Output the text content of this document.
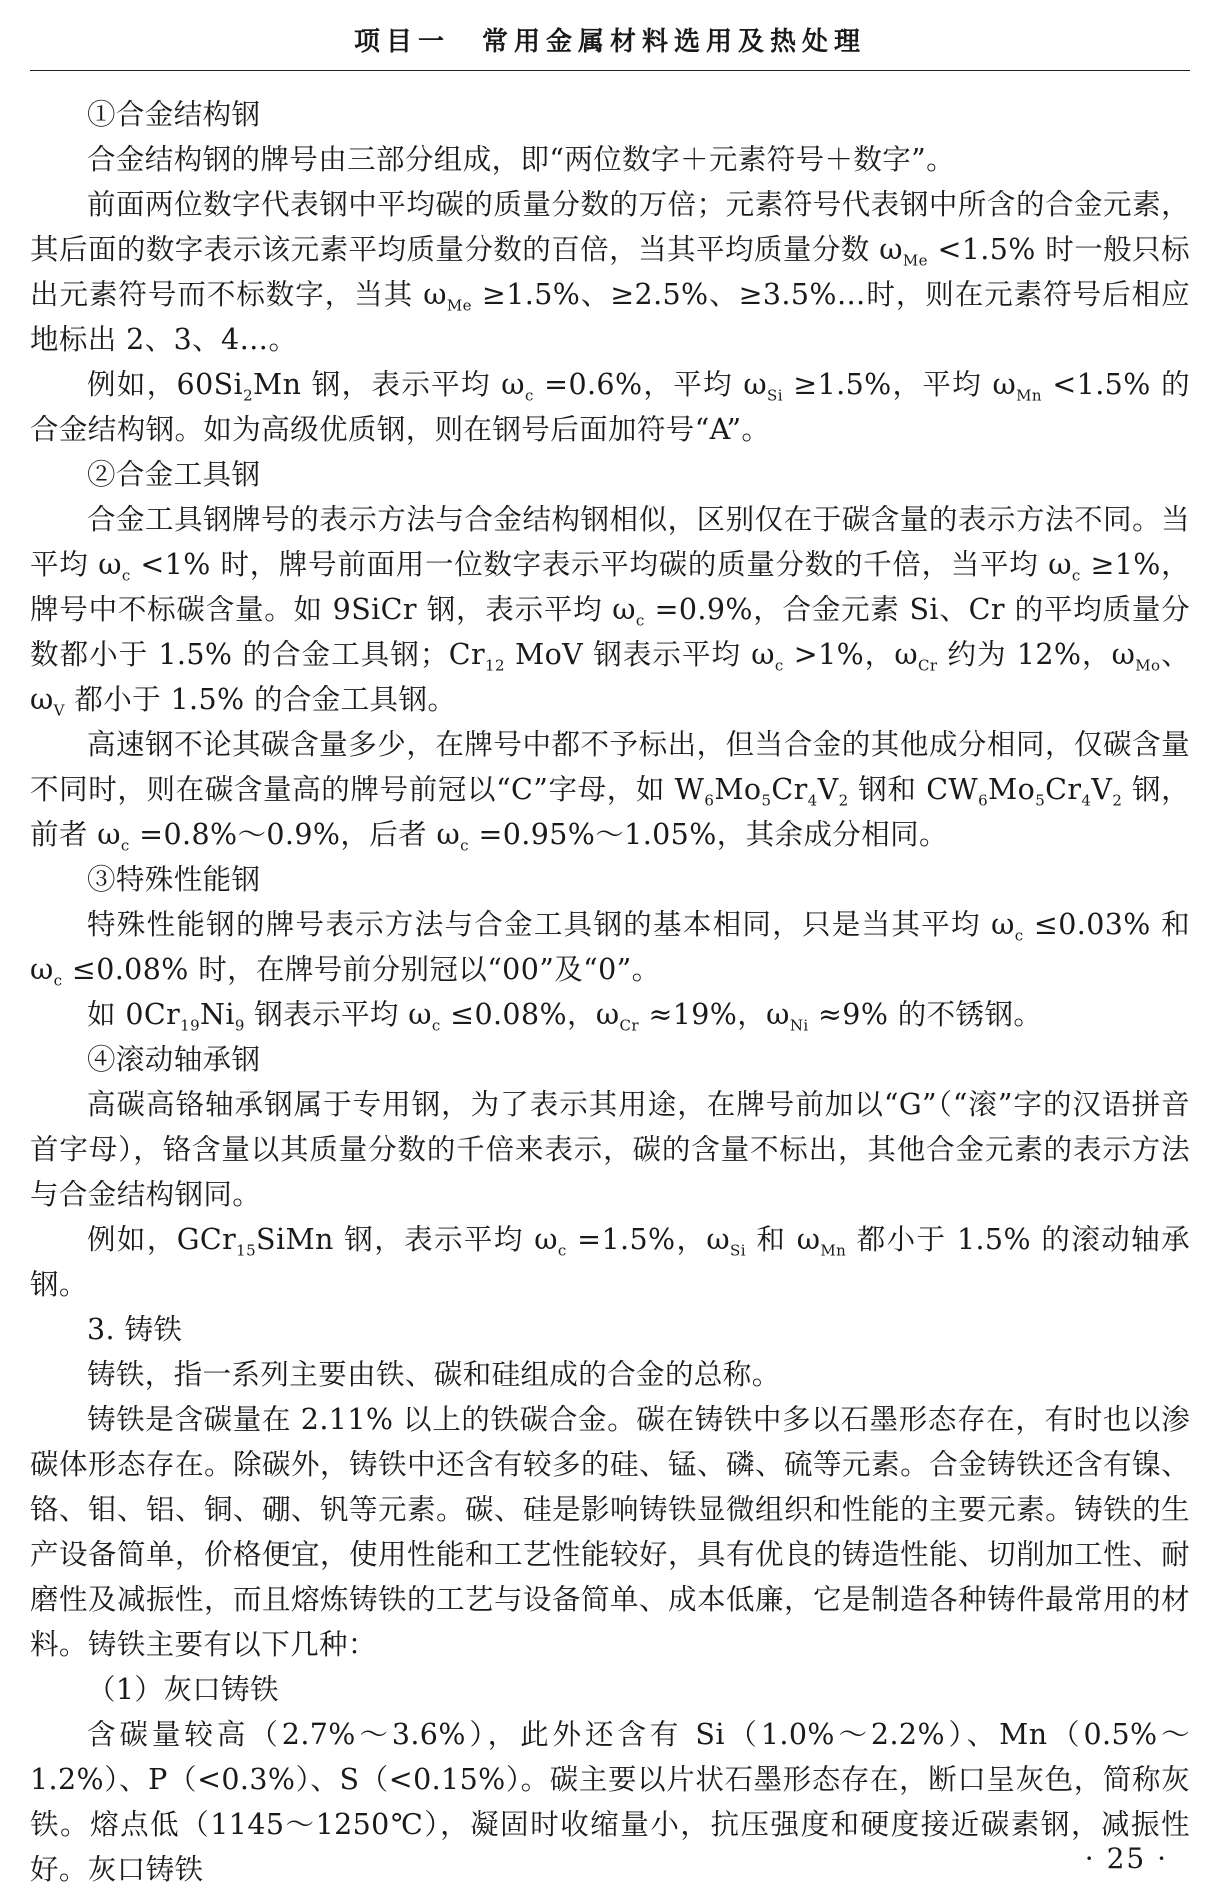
项目一　常用金属材料选用及热处理

①合金结构钢

合金结构钢的牌号由三部分组成，即“两位数字＋元素符号＋数字”。

前面两位数字代表钢中平均碳的质量分数的万倍；元素符号代表钢中所含的合金元素，其后面的数字表示该元素平均质量分数的百倍，当其平均质量分数 $\omega_{Me} <1.5\%$ 时一般只标出元素符号而不标数字，当其 $\omega_{Me} \ge 1.5\%$、≥2.5%、≥3.5%…时，则在元素符号后相应地标出 2、3、4…。

例如，$60Si_2Mn$ 钢，表示平均 $\omega_c =0.6\%$，平均 $\omega_{Si} \ge 1.5\%$，平均 $\omega_{Mn} <1.5\%$ 的合金结构钢。如为高级优质钢，则在钢号后面加符号“A”。

②合金工具钢

合金工具钢牌号的表示方法与合金结构钢相似，区别仅在于碳含量的表示方法不同。当平均 $\omega_c <1\%$ 时，牌号前面用一位数字表示平均碳的质量分数的千倍，当平均 $\omega_c \ge 1\%$，牌号中不标碳含量。如 9SiCr 钢，表示平均 $\omega_c =0.9\%$，合金元素 Si、Cr 的平均质量分数都小于 1.5% 的合金工具钢；$Cr_{12}$ MoV 钢表示平均 $\omega_c >1\%$，$\omega_{Cr}$ 约为 12%，$\omega_{Mo}$、$\omega_V$ 都小于 1.5% 的合金工具钢。

高速钢不论其碳含量多少，在牌号中都不予标出，但当合金的其他成分相同，仅碳含量不同时，则在碳含量高的牌号前冠以“C”字母，如 $W_6Mo_5Cr_4V_2$ 钢和 $CW_6Mo_5Cr_4V_2$ 钢，前者 $\omega_c$ =0.8%～0.9%，后者 $\omega_c$ =0.95%～1.05%，其余成分相同。

③特殊性能钢

特殊性能钢的牌号表示方法与合金工具钢的基本相同，只是当其平均 $\omega_c \le 0.03\%$ 和 $\omega_c \le 0.08\%$ 时，在牌号前分别冠以“00”及“0”。

如 $0Cr_{19}Ni_9$ 钢表示平均 $\omega_c \le 0.08\%$，$\omega_{Cr} \approx 19\%$，$\omega_{Ni} \approx 9\%$ 的不锈钢。

④滚动轴承钢

高碳高铬轴承钢属于专用钢，为了表示其用途，在牌号前加以“G”（“滚”字的汉语拼音首字母），铬含量以其质量分数的千倍来表示，碳的含量不标出，其他合金元素的表示方法与合金结构钢同。

例如，GCr$_{15}$SiMn 钢，表示平均 $\omega_c =1.5\%$，$\omega_{Si}$ 和 $\omega_{Mn}$ 都小于 1.5% 的滚动轴承钢。

3. 铸铁

铸铁，指一系列主要由铁、碳和硅组成的合金的总称。

铸铁是含碳量在 2.11% 以上的铁碳合金。碳在铸铁中多以石墨形态存在，有时也以渗碳体形态存在。除碳外，铸铁中还含有较多的硅、锰、磷、硫等元素。合金铸铁还含有镍、铬、钼、铝、铜、硼、钒等元素。碳、硅是影响铸铁显微组织和性能的主要元素。铸铁的生产设备简单，价格便宜，使用性能和工艺性能较好，具有优良的铸造性能、切削加工性、耐磨性及减振性，而且熔炼铸铁的工艺与设备简单、成本低廉，它是制造各种铸件最常用的材料。铸铁主要有以下几种：

（1）灰口铸铁

含碳量较高（2.7%～3.6%），此外还含有 Si（1.0%～2.2%）、Mn（0.5%～1.2%）、P（<0.3%）、S（<0.15%）。碳主要以片状石墨形态存在，断口呈灰色，简称灰铁。熔点低（1145～1250℃），凝固时收缩量小，抗压强度和硬度接近碳素钢，减振性好。灰口铸铁	· 25 ·
